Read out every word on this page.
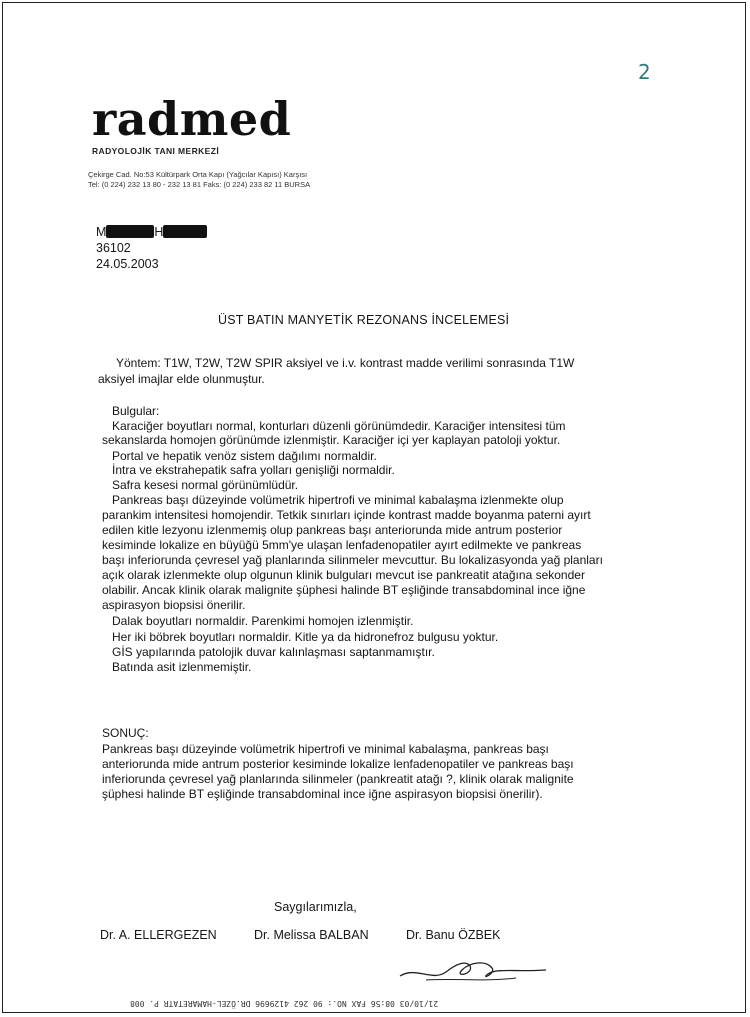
2
radmed
RADYOLOJİK TANI MERKEZİ
Çekirge Cad. No:53 Kültürpark Orta Kapı (Yağcılar Kapısı) Karşısı
Tel: (0 224) 232 13 80 - 232 13 81 Faks: (0 224) 233 82 11 BURSA
M	H
36102
24.05.2003
ÜST BATIN MANYETİK REZONANS İNCELEMESİ
Yöntem: T1W, T2W, T2W SPIR aksiyel ve i.v. kontrast madde verilimi sonrasında T1W
aksiyel imajlar elde olunmuştur.
Bulgular:
Karaciğer boyutları normal, konturları düzenli görünümdedir. Karaciğer intensitesi tüm
sekanslarda homojen görünümde izlenmiştir. Karaciğer içi yer kaplayan patoloji yoktur.
Portal ve hepatik venöz sistem dağılımı normaldir.
İntra ve ekstrahepatik safra yolları genişliği normaldir.
Safra kesesi normal görünümlüdür.
Pankreas başı düzeyinde volümetrik hipertrofi ve minimal kabalaşma izlenmekte olup
parankim intensitesi homojendir. Tetkik sınırları içinde kontrast madde boyanma paterni ayırt
edilen kitle lezyonu izlenmemiş olup pankreas başı anteriorunda mide antrum posterior
kesiminde lokalize en büyüğü 5mm'ye ulaşan lenfadenopatiler ayırt edilmekte ve pankreas
başı inferiorunda çevresel yağ planlarında silinmeler mevcuttur. Bu lokalizasyonda yağ planları
açık olarak izlenmekte olup olgunun klinik bulguları mevcut ise pankreatit atağına sekonder
olabilir. Ancak klinik olarak malignite şüphesi halinde BT eşliğinde transabdominal ince iğne
aspirasyon biopsisi önerilir.
Dalak boyutları normaldir. Parenkimi homojen izlenmiştir.
Her iki böbrek boyutları normaldir. Kitle ya da hidronefroz bulgusu yoktur.
GİS yapılarında patolojik duvar kalınlaşması saptanmamıştır.
Batında asit izlenmemiştir.
SONUÇ:
Pankreas başı düzeyinde volümetrik hipertrofi ve minimal kabalaşma, pankreas başı
anteriorunda mide antrum posterior kesiminde lokalize lenfadenopatiler ve pankreas başı
inferiorunda çevresel yağ planlarında silinmeler (pankreatit atağı ?, klinik olarak malignite
şüphesi halinde BT eşliğinde transabdominal ince iğne aspirasyon biopsisi önerilir).
Saygılarımızla,
Dr. A. ELLERGEZEN	Dr. Melissa BALBAN	Dr. Banu ÖZBEK
21/10/03 08:56 FAX NO.: 90 262 4129696 DR.ÖZEL-HAMARETATR P. 008
